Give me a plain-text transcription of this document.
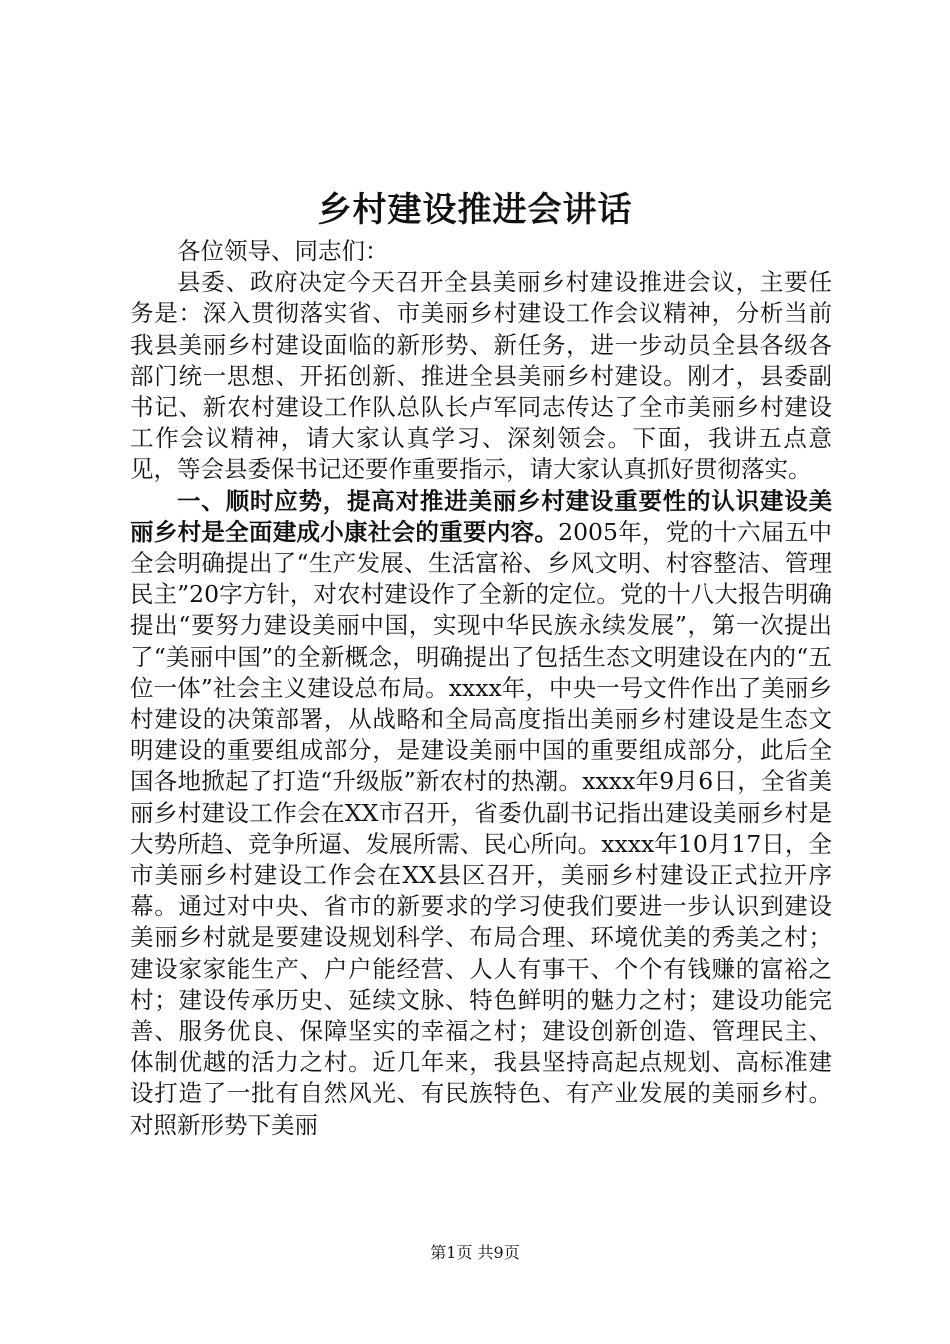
乡村建设推进会讲话

各位领导、同志们：

县委、政府决定今天召开全县美丽乡村建设推进会议，主要任务是：深入贯彻落实省、市美丽乡村建设工作会议精神，分析当前我县美丽乡村建设面临的新形势、新任务，进一步动员全县各级各部门统一思想、开拓创新、推进全县美丽乡村建设。刚才，县委副书记、新农村建设工作队总队长卢军同志传达了全市美丽乡村建设工作会议精神，请大家认真学习、深刻领会。下面，我讲五点意见，等会县委保书记还要作重要指示，请大家认真抓好贯彻落实。

一、顺时应势，提高对推进美丽乡村建设重要性的认识建设美丽乡村是全面建成小康社会的重要内容。2005年，党的十六届五中全会明确提出了“生产发展、生活富裕、乡风文明、村容整洁、管理民主”20字方针，对农村建设作了全新的定位。党的十八大报告明确提出“要努力建设美丽中国，实现中华民族永续发展”，第一次提出了“美丽中国”的全新概念，明确提出了包括生态文明建设在内的“五位一体”社会主义建设总布局。xxxx年，中央一号文件作出了美丽乡村建设的决策部署，从战略和全局高度指出美丽乡村建设是生态文明建设的重要组成部分，是建设美丽中国的重要组成部分，此后全国各地掀起了打造“升级版”新农村的热潮。xxxx年9月6日，全省美丽乡村建设工作会在XX市召开，省委仇副书记指出建设美丽乡村是大势所趋、竞争所逼、发展所需、民心所向。xxxx年10月17日，全市美丽乡村建设工作会在XX县区召开，美丽乡村建设正式拉开序幕。通过对中央、省市的新要求的学习使我们要进一步认识到建设美丽乡村就是要建设规划科学、布局合理、环境优美的秀美之村；建设家家能生产、户户能经营、人人有事干、个个有钱赚的富裕之村；建设传承历史、延续文脉、特色鲜明的魅力之村；建设功能完善、服务优良、保障坚实的幸福之村；建设创新创造、管理民主、体制优越的活力之村。近几年来，我县坚持高起点规划、高标准建设打造了一批有自然风光、有民族特色、有产业发展的美丽乡村。对照新形势下美丽

第1页 共9页
